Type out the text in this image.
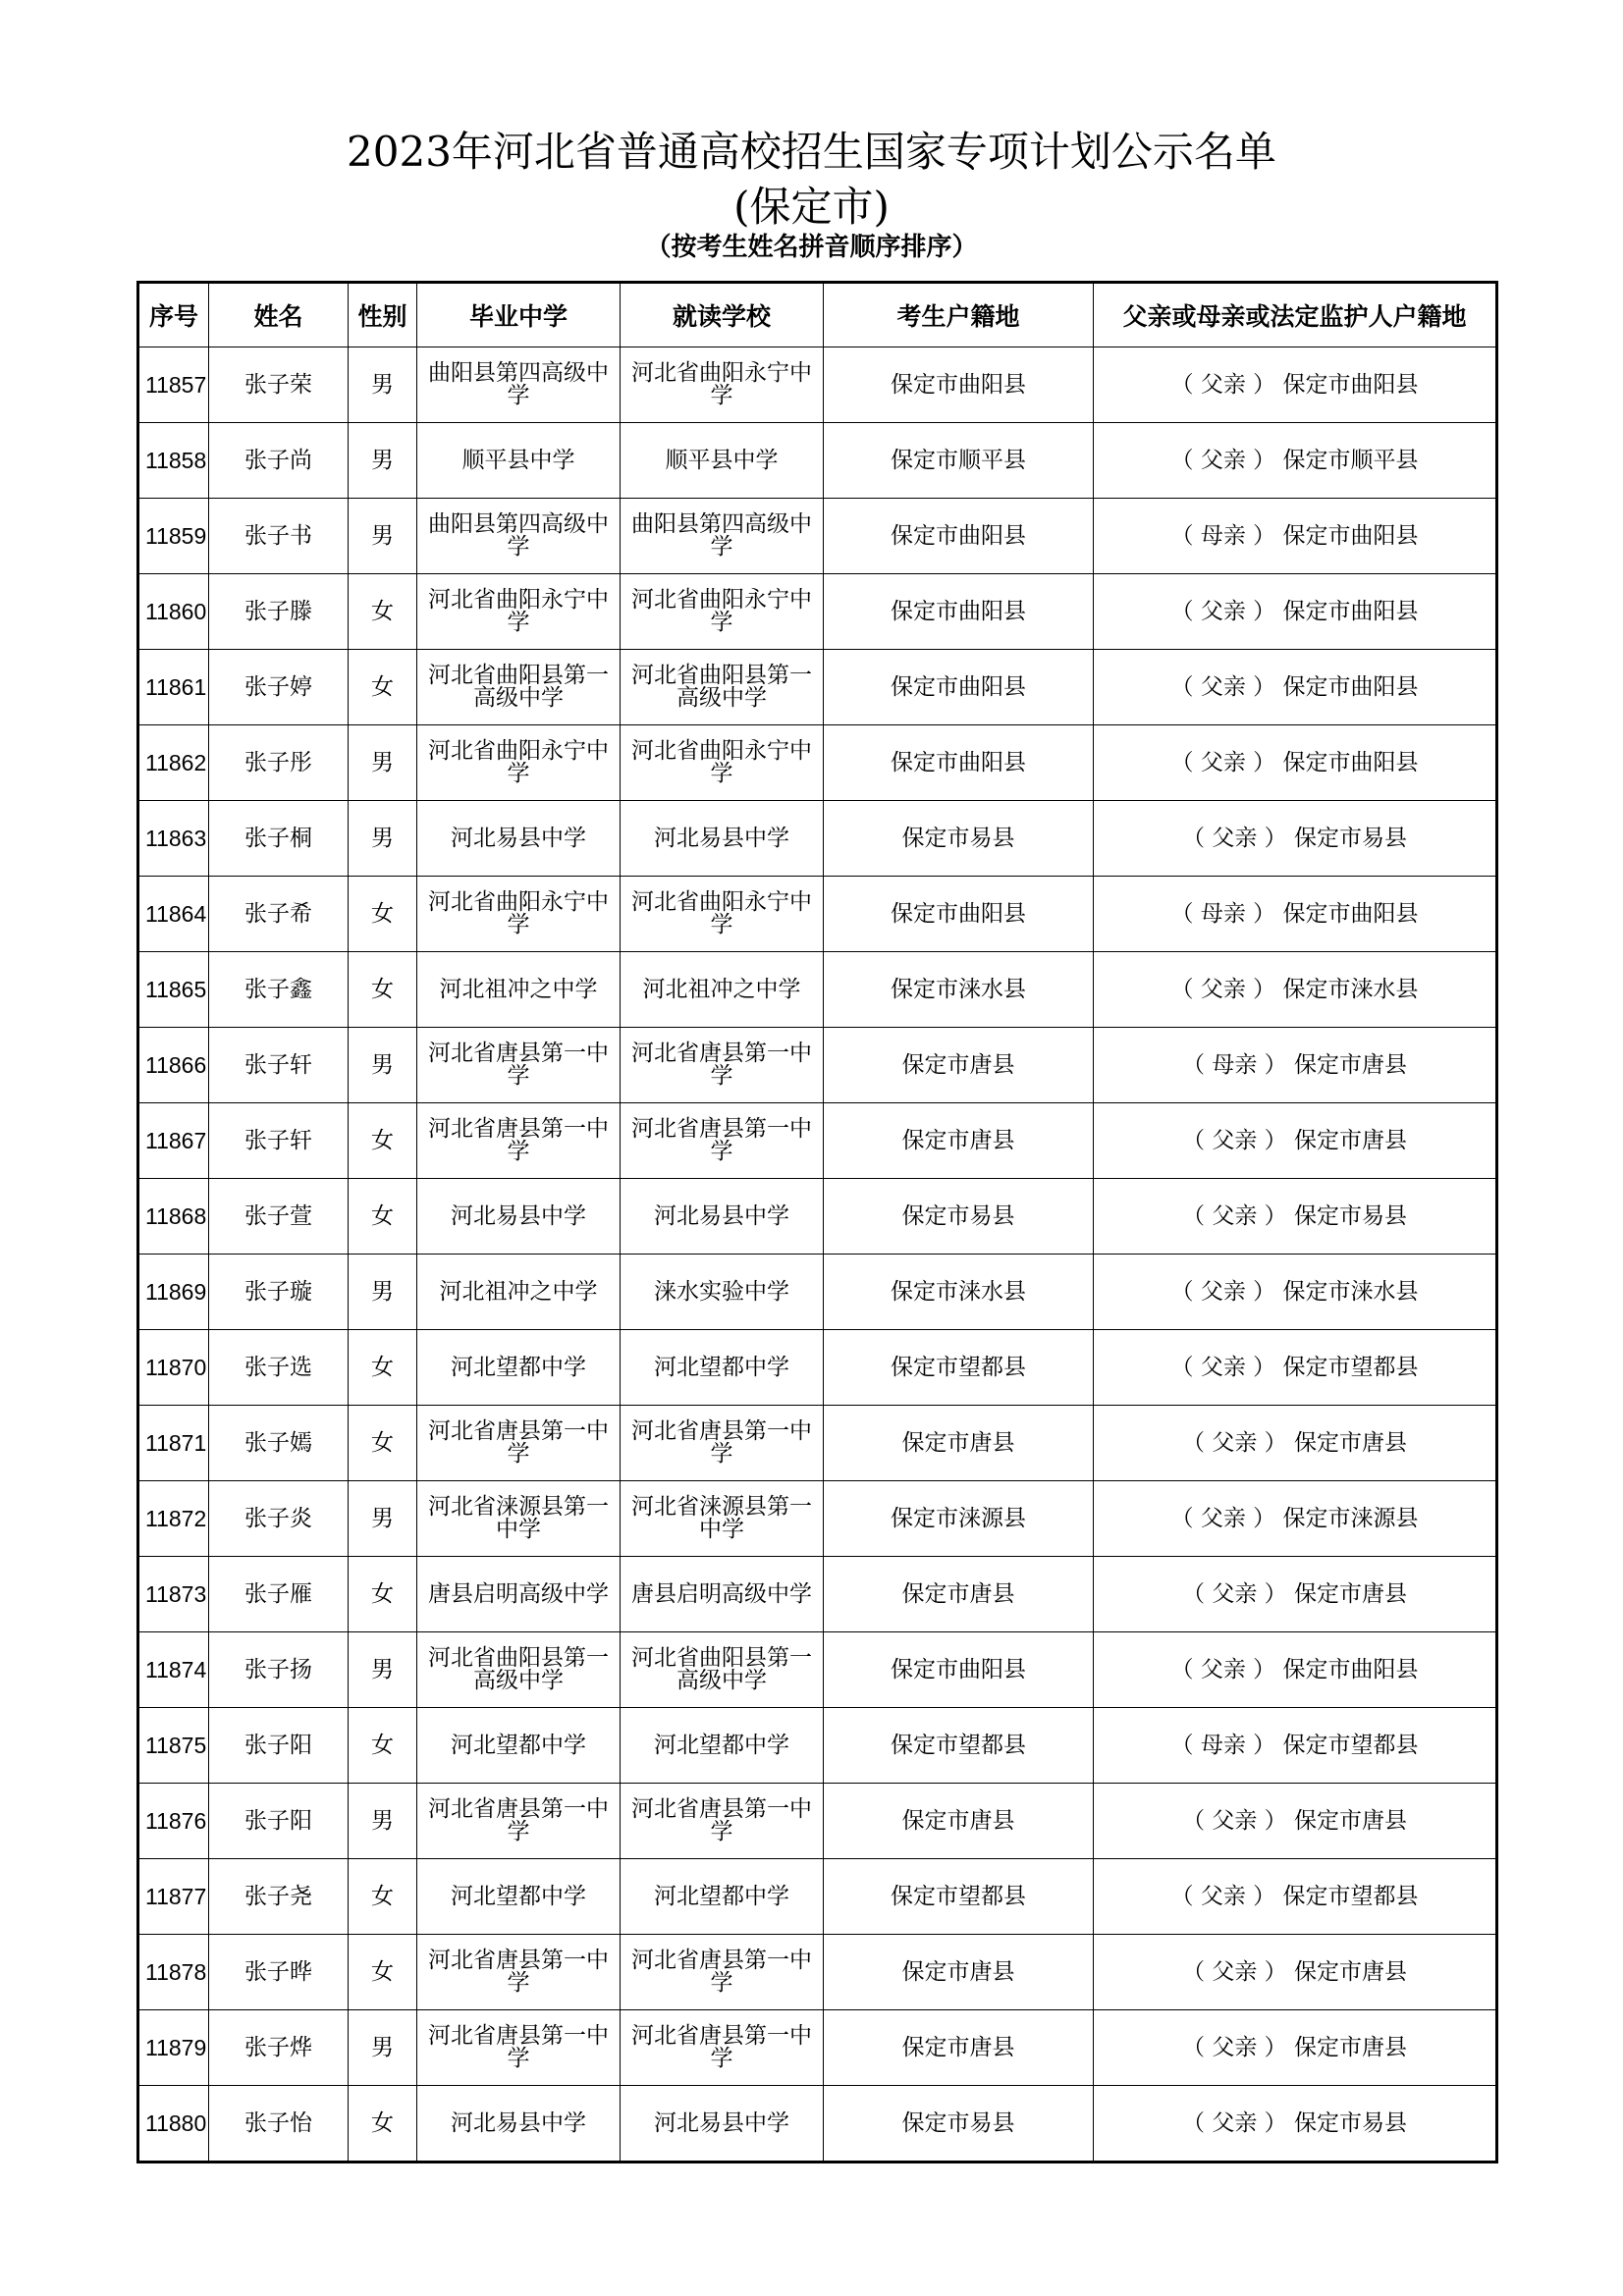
2023年河北省普通高校招生国家专项计划公示名单
(保定市)
（按考生姓名拼音顺序排序）
序号	姓名	性别	毕业中学	就读学校	考生户籍地	父亲或母亲或法定监护人户籍地
11857	张子荣	男	曲阳县第四高级中学	河北省曲阳永宁中学	保定市曲阳县	（ 父亲 ） 保定市曲阳县
11858	张子尚	男	顺平县中学	顺平县中学	保定市顺平县	（ 父亲 ） 保定市顺平县
11859	张子书	男	曲阳县第四高级中学	曲阳县第四高级中学	保定市曲阳县	（ 母亲 ） 保定市曲阳县
11860	张子滕	女	河北省曲阳永宁中学	河北省曲阳永宁中学	保定市曲阳县	（ 父亲 ） 保定市曲阳县
11861	张子婷	女	河北省曲阳县第一高级中学	河北省曲阳县第一高级中学	保定市曲阳县	（ 父亲 ） 保定市曲阳县
11862	张子彤	男	河北省曲阳永宁中学	河北省曲阳永宁中学	保定市曲阳县	（ 父亲 ） 保定市曲阳县
11863	张子桐	男	河北易县中学	河北易县中学	保定市易县	（ 父亲 ） 保定市易县
11864	张子希	女	河北省曲阳永宁中学	河北省曲阳永宁中学	保定市曲阳县	（ 母亲 ） 保定市曲阳县
11865	张子鑫	女	河北祖冲之中学	河北祖冲之中学	保定市涞水县	（ 父亲 ） 保定市涞水县
11866	张子轩	男	河北省唐县第一中学	河北省唐县第一中学	保定市唐县	（ 母亲 ） 保定市唐县
11867	张子轩	女	河北省唐县第一中学	河北省唐县第一中学	保定市唐县	（ 父亲 ） 保定市唐县
11868	张子萱	女	河北易县中学	河北易县中学	保定市易县	（ 父亲 ） 保定市易县
11869	张子璇	男	河北祖冲之中学	涞水实验中学	保定市涞水县	（ 父亲 ） 保定市涞水县
11870	张子选	女	河北望都中学	河北望都中学	保定市望都县	（ 父亲 ） 保定市望都县
11871	张子嫣	女	河北省唐县第一中学	河北省唐县第一中学	保定市唐县	（ 父亲 ） 保定市唐县
11872	张子炎	男	河北省涞源县第一中学	河北省涞源县第一中学	保定市涞源县	（ 父亲 ） 保定市涞源县
11873	张子雁	女	唐县启明高级中学	唐县启明高级中学	保定市唐县	（ 父亲 ） 保定市唐县
11874	张子扬	男	河北省曲阳县第一高级中学	河北省曲阳县第一高级中学	保定市曲阳县	（ 父亲 ） 保定市曲阳县
11875	张子阳	女	河北望都中学	河北望都中学	保定市望都县	（ 母亲 ） 保定市望都县
11876	张子阳	男	河北省唐县第一中学	河北省唐县第一中学	保定市唐县	（ 父亲 ） 保定市唐县
11877	张子尧	女	河北望都中学	河北望都中学	保定市望都县	（ 父亲 ） 保定市望都县
11878	张子晔	女	河北省唐县第一中学	河北省唐县第一中学	保定市唐县	（ 父亲 ） 保定市唐县
11879	张子烨	男	河北省唐县第一中学	河北省唐县第一中学	保定市唐县	（ 父亲 ） 保定市唐县
11880	张子怡	女	河北易县中学	河北易县中学	保定市易县	（ 父亲 ） 保定市易县
